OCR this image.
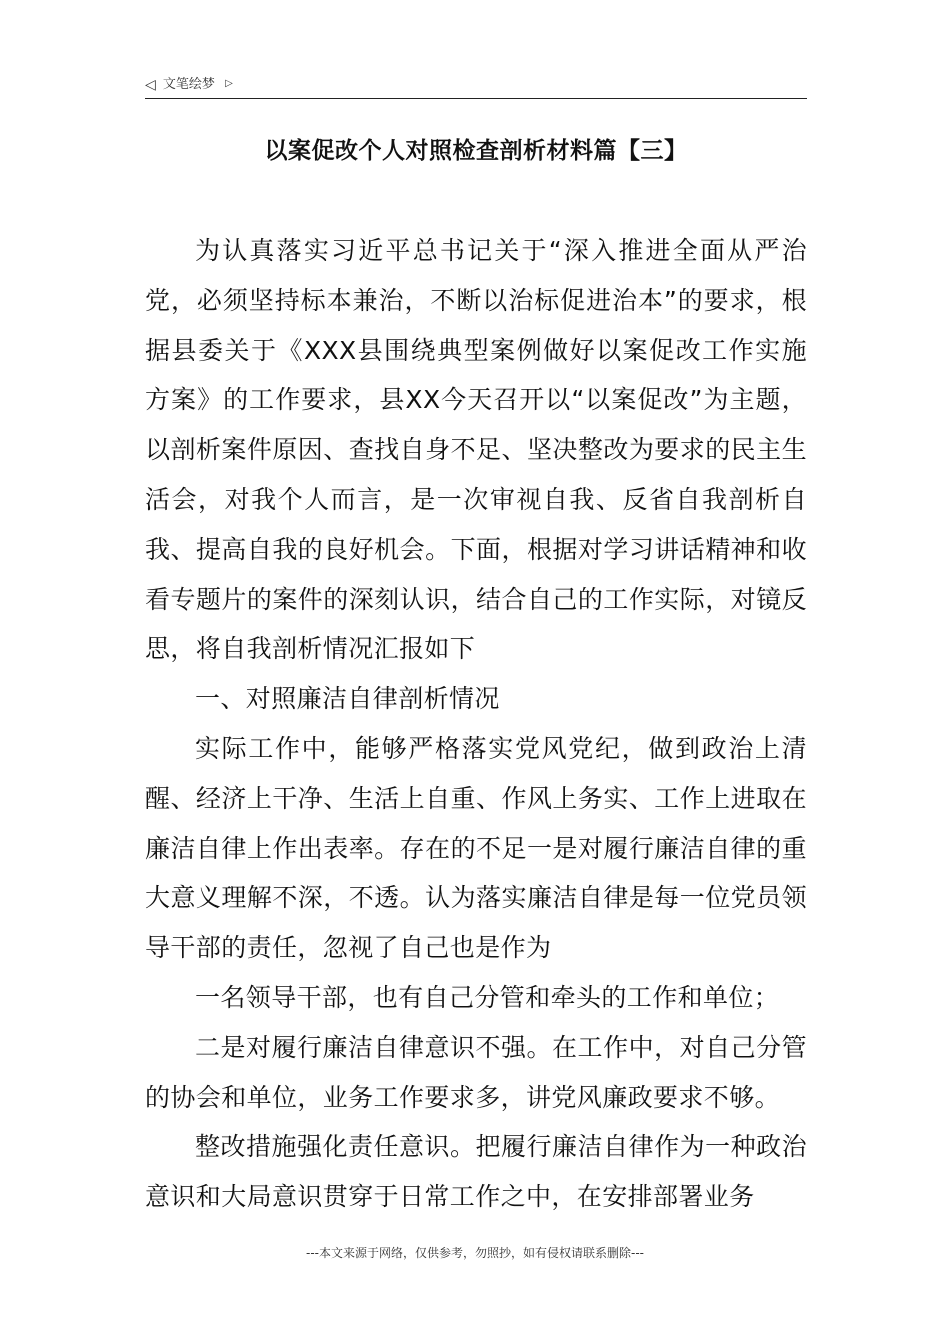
◁ 文笔绘梦 ▷
以案促改个人对照检查剖析材料篇【三】

为认真落实习近平总书记关于“深入推进全面从严治党，必须坚持标本兼治，不断以治标促进治本”的要求，根据县委关于《XXX县围绕典型案例做好以案促改工作实施方案》的工作要求，县XX今天召开以“以案促改”为主题，以剖析案件原因、查找自身不足、坚决整改为要求的民主生活会，对我个人而言，是一次审视自我、反省自我剖析自我、提高自我的良好机会。下面，根据对学习讲话精神和收看专题片的案件的深刻认识，结合自己的工作实际，对镜反思，将自我剖析情况汇报如下

一、对照廉洁自律剖析情况

实际工作中，能够严格落实党风党纪，做到政治上清醒、经济上干净、生活上自重、作风上务实、工作上进取在廉洁自律上作出表率。存在的不足一是对履行廉洁自律的重大意义理解不深，不透。认为落实廉洁自律是每一位党员领导干部的责任，忽视了自己也是作为

一名领导干部，也有自己分管和牵头的工作和单位；

二是对履行廉洁自律意识不强。在工作中，对自己分管的协会和单位，业务工作要求多，讲党风廉政要求不够。

整改措施强化责任意识。把履行廉洁自律作为一种政治意识和大局意识贯穿于日常工作之中，在安排部署业务

---本文来源于网络，仅供参考，勿照抄，如有侵权请联系删除---
